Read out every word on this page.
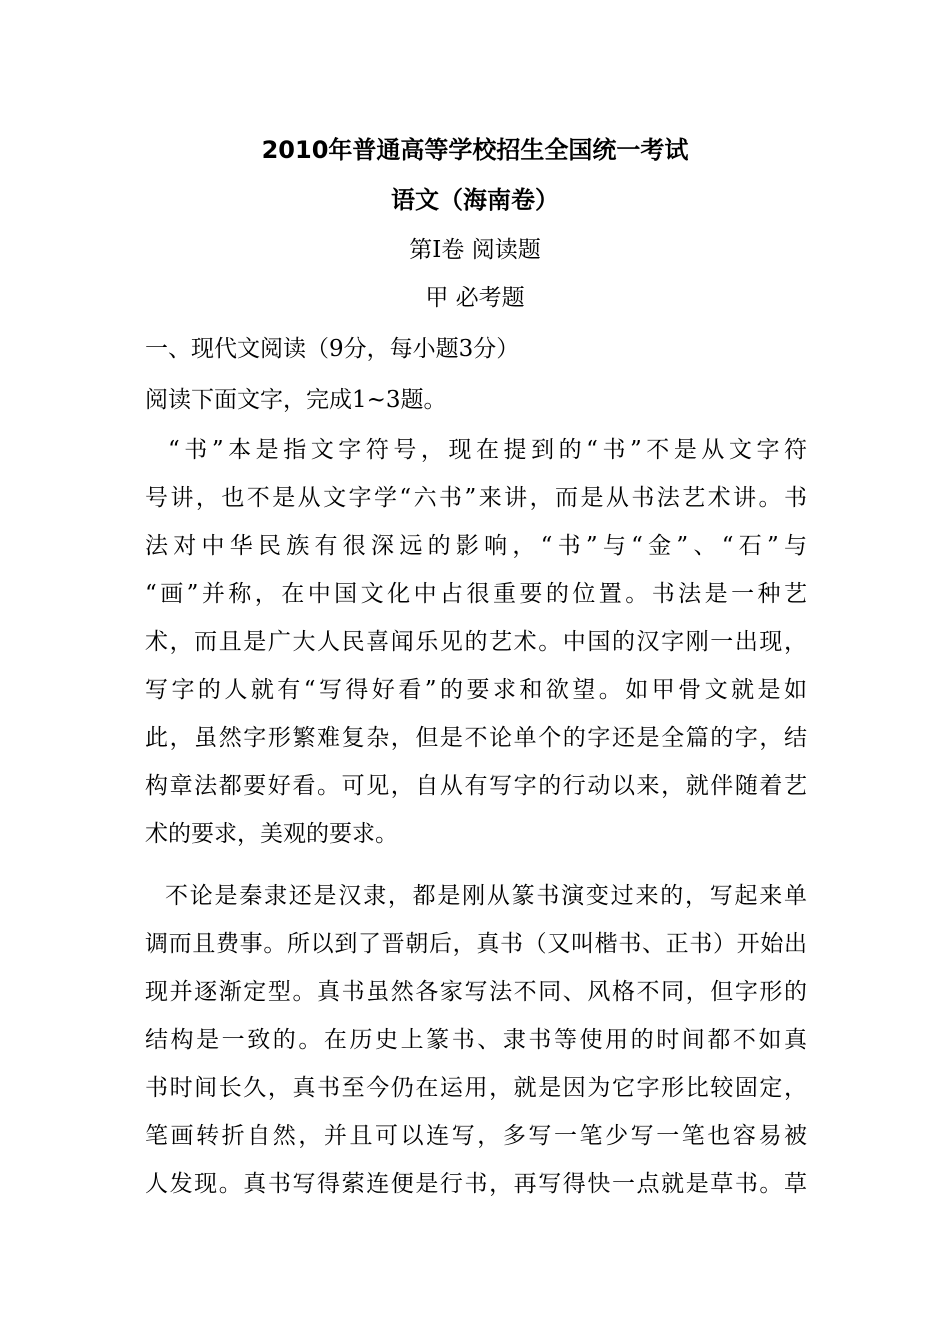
2010年普通高等学校招生全国统一考试
语文（海南卷）
第I卷 阅读题
甲 必考题
一、现代文阅读（9分，每小题3分）
阅读下面文字，完成1~3题。
“书”本是指文字符号，现在提到的“书”不是从文字符
号讲，也不是从文字学“六书”来讲，而是从书法艺术讲。书
法对中华民族有很深远的影响，“书”与“金”、“石”与
“画”并称，在中国文化中占很重要的位置。书法是一种艺
术，而且是广大人民喜闻乐见的艺术。中国的汉字刚一出现，
写字的人就有“写得好看”的要求和欲望。如甲骨文就是如
此，虽然字形繁难复杂，但是不论单个的字还是全篇的字，结
构章法都要好看。可见，自从有写字的行动以来，就伴随着艺
术的要求，美观的要求。
不论是秦隶还是汉隶，都是刚从篆书演变过来的，写起来单
调而且费事。所以到了晋朝后，真书（又叫楷书、正书）开始出
现并逐渐定型。真书虽然各家写法不同、风格不同，但字形的
结构是一致的。在历史上篆书、隶书等使用的时间都不如真
书时间长久，真书至今仍在运用，就是因为它字形比较固定，
笔画转折自然，并且可以连写，多写一笔少写一笔也容易被
人发现。真书写得萦连便是行书，再写得快一点就是草书。草
